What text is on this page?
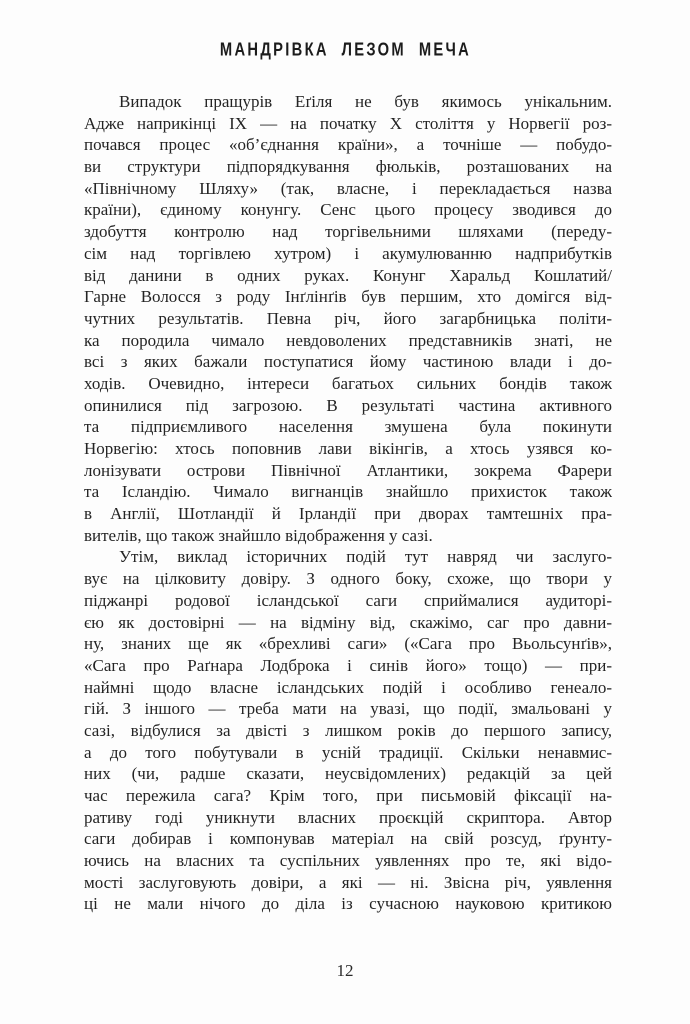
МАНДРІВКА ЛЕЗОМ МЕЧА
Випадок пращурів Еґіля не був якимось унікальним.
Адже наприкінці IX — на початку X століття у Норвегії роз-
почався процес «об’єднання країни», а точніше — побудо-
ви структури підпорядкування фюльків, розташованих на
«Північному Шляху» (так, власне, і перекладається назва
країни), єдиному конунгу. Сенс цього процесу зводився до
здобуття контролю над торгівельними шляхами (переду-
сім над торгівлею хутром) і акумулюванню надприбутків
від данини в одних руках. Конунг Харальд Кошлатий/
Гарне Волосся з роду Інґлінґів був першим, хто домігся від-
чутних результатів. Певна річ, його загарбницька політи-
ка породила чимало невдоволених представників знаті, не
всі з яких бажали поступатися йому частиною влади і до-
ходів. Очевидно, інтереси багатьох сильних бондів також
опинилися під загрозою. В результаті частина активного
та підприємливого населення змушена була покинути
Норвегію: хтось поповнив лави вікінгів, а хтось узявся ко-
лонізувати острови Північної Атлантики, зокрема Фарери
та Ісландію. Чимало вигнанців знайшло прихисток також
в Англії, Шотландії й Ірландії при дворах тамтешніх пра-
вителів, що також знайшло відображення у сазі.
Утім, виклад історичних подій тут навряд чи заслуго-
вує на цілковиту довіру. З одного боку, схоже, що твори у
піджанрі родової ісландської саги сприймалися аудиторі-
єю як достовірні — на відміну від, скажімо, саг про давни-
ну, знаних ще як «брехливі саги» («Сага про Вьольсунґів»,
«Сага про Раґнара Лодброка і синів його» тощо) — при-
наймні щодо власне ісландських подій і особливо генеало-
гій. З іншого — треба мати на увазі, що події, змальовані у
сазі, відбулися за двісті з лишком років до першого запису,
а до того побутували в усній традиції. Скільки ненавмис-
них (чи, радше сказати, неусвідомлених) редакцій за цей
час пережила сага? Крім того, при письмовій фіксації на-
ративу годі уникнути власних проєкцій скриптора. Автор
саги добирав і компонував матеріал на свій розсуд, ґрунту-
ючись на власних та суспільних уявленнях про те, які відо-
мості заслуговують довіри, а які — ні. Звісна річ, уявлення
ці не мали нічого до діла із сучасною науковою критикою
12
